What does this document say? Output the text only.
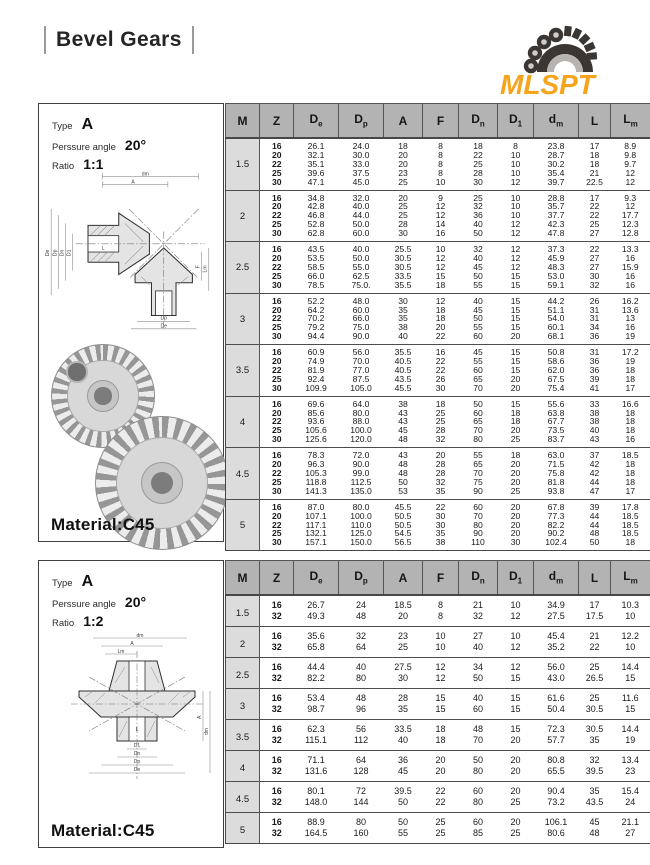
Bevel Gears
MLSPT
Type A
Perssure angle 20°
Ratio 1:1
dm
A
De Dp Dn D1
Lm
F
Dp
De
L
Material:C45
Type A
Perssure angle 20°
Ratio 1:2
dm
A
Lm
L
D1
Dn
Dp
De
A
dm
Material:C45
M	Z	$D_e$	$D_p$	A	F	$D_n$	$D_1$	$d_m$	L	$L_m$
1.5	16	26.1	24.0	18	8	18	8	23.8	17	8.9
	20	32.1	30.0	20	8	22	10	28.7	18	9.8
	22	35.1	33.0	20	8	25	10	30.2	18	9.7
	25	39.6	37.5	23	8	28	10	35.4	21	12
	30	47.1	45.0	25	10	30	12	39.7	22.5	12
2	16	34.8	32.0	20	9	25	10	28.8	17	9.3
	20	42.8	40.0	25	12	32	10	35.7	22	12
	22	46.8	44.0	25	12	36	10	37.7	22	17.7
	25	52.8	50.0	28	14	40	12	42.3	25	12.3
	30	62.8	60.0	30	16	50	12	47.8	27	12.8
2.5	16	43.5	40.0	25.5	10	32	12	37.3	22	13.3
	20	53.5	50.0	30.5	12	40	12	45.9	27	16
	22	58.5	55.0	30.5	12	45	12	48.3	27	15.9
	25	66.0	62.5	33.5	15	50	15	53.0	30	16
	30	78.5	75.0.	35.5	18	55	15	59.1	32	16
3	16	52.2	48.0	30	12	40	15	44.2	26	16.2
	20	64.2	60.0	35	18	45	15	51.1	31	13.6
	22	70.2	66.0	35	18	50	15	54.0	31	13
	25	79.2	75.0	38	20	55	15	60.1	34	16
	30	94.4	90.0	40	22	60	20	68.1	36	19
3.5	16	60.9	56.0	35.5	16	45	15	50.8	31	17.2
	20	74.9	70.0	40.5	22	55	15	58.6	36	19
	22	81.9	77.0	40.5	22	60	15	62.0	36	18
	25	92.4	87.5	43.5	26	65	20	67.5	39	18
	30	109.9	105.0	45.5	30	70	20	75.4	41	17
4	16	69.6	64.0	38	18	50	15	55.6	33	16.6
	20	85.6	80.0	43	25	60	18	63.8	38	18
	22	93.6	88.0	43	25	65	18	67.7	38	18
	25	105.6	100.0	45	28	70	20	73.5	40	18
	30	125.6	120.0	48	32	80	25	83.7	43	16
4.5	16	78.3	72.0	43	20	55	18	63.0	37	18.5
	20	96.3	90.0	48	28	65	20	71.5	42	18
	22	105.3	99.0	48	28	70	20	75.8	42	18
	25	118.8	112.5	50	32	75	20	81.8	44	18
	30	141.3	135.0	53	35	90	25	93.8	47	17
5	16	87.0	80.0	45.5	22	60	20	67.8	39	17.8
	20	107.1	100.0	50.5	30	70	20	77.3	44	18.5
	22	117.1	110.0	50.5	30	80	20	82.2	44	18.5
	25	132.1	125.0	54.5	35	90	20	90.2	48	18.5
	30	157.1	150.0	56.5	38	110	30	102.4	50	18
M	Z	$D_e$	$D_p$	A	F	$D_n$	$D_1$	$d_m$	L	$L_m$
1.5	16	26.7	24	18.5	8	21	10	34.9	17	10.3
	32	49.3	48	20	8	32	12	27.5	17.5	10
2	16	35.6	32	23	10	27	10	45.4	21	12.2
	32	65.8	64	25	10	40	12	35.2	22	10
2.5	16	44.4	40	27.5	12	34	12	56.0	25	14.4
	32	82.2	80	30	12	50	15	43.0	26.5	15
3	16	53.4	48	28	15	40	15	61.6	25	11.6
	32	98.7	96	35	15	60	15	50.4	30.5	15
3.5	16	62.3	56	33.5	18	48	15	72.3	30.5	14.4
	32	115.1	112	40	18	70	20	57.7	35	19
4	16	71.1	64	36	20	50	20	80.8	32	13.4
	32	131.6	128	45	20	80	20	65.5	39.5	23
4.5	16	80.1	72	39.5	22	60	20	90.4	35	15.4
	32	148.0	144	50	22	80	25	73.2	43.5	24
5	16	88.9	80	50	25	60	20	106.1	45	21.1
	32	164.5	160	55	25	85	25	80.6	48	27
